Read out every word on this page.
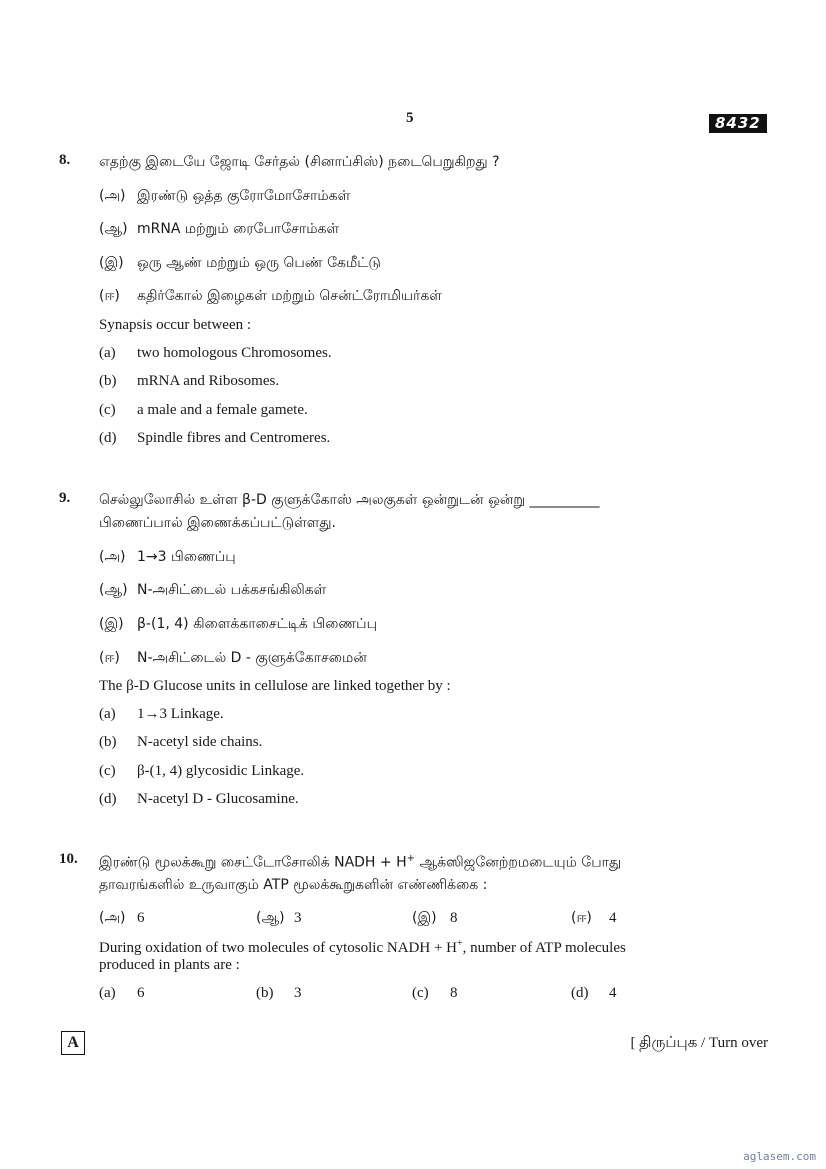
5	8432
8. எதற்கு இடையே ஜோடி சேர்தல் (சினாப்சிஸ்) நடைபெறுகிறது ?
(அ) இரண்டு ஒத்த குரோமோசோம்கள்
(ஆ) mRNA மற்றும் ரைபோசோம்கள்
(இ) ஒரு ஆண் மற்றும் ஒரு பெண் கேமீட்டு
(ஈ) கதிர்கோல் இழைகள் மற்றும் சென்ட்ரோமியர்கள்
Synapsis occur between :
(a) two homologous Chromosomes.
(b) mRNA and Ribosomes.
(c) a male and a female gamete.
(d) Spindle fibres and Centromeres.
9. செல்லுலோசில் உள்ள β-D குளுக்கோஸ் அலகுகள் ஒன்றுடன் ஒன்று __________
பிணைப்பால் இணைக்கப்பட்டுள்ளது.
(அ) 1→3 பிணைப்பு
(ஆ) N-அசிட்டைல் பக்கசங்கிலிகள்
(இ) β-(1, 4) கிளைக்காசைட்டிக் பிணைப்பு
(ஈ) N-அசிட்டைல் D - குளுக்கோசமைன்
The β-D Glucose units in cellulose are linked together by :
(a) 1→3 Linkage.
(b) N-acetyl side chains.
(c) β-(1, 4) glycosidic Linkage.
(d) N-acetyl D - Glucosamine.
10. இரண்டு மூலக்கூறு சைட்டோசோலிக் NADH + H+ ஆக்ஸிஜனேற்றமடையும் போது
தாவரங்களில் உருவாகும் ATP மூலக்கூறுகளின் எண்ணிக்கை :
(அ) 6	(ஆ) 3	(இ) 8	(ஈ) 4
During oxidation of two molecules of cytosolic NADH + H+, number of ATP molecules
produced in plants are :
(a) 6	(b) 3	(c) 8	(d) 4
A	[ திருப்புக / Turn over
aglasem.com
